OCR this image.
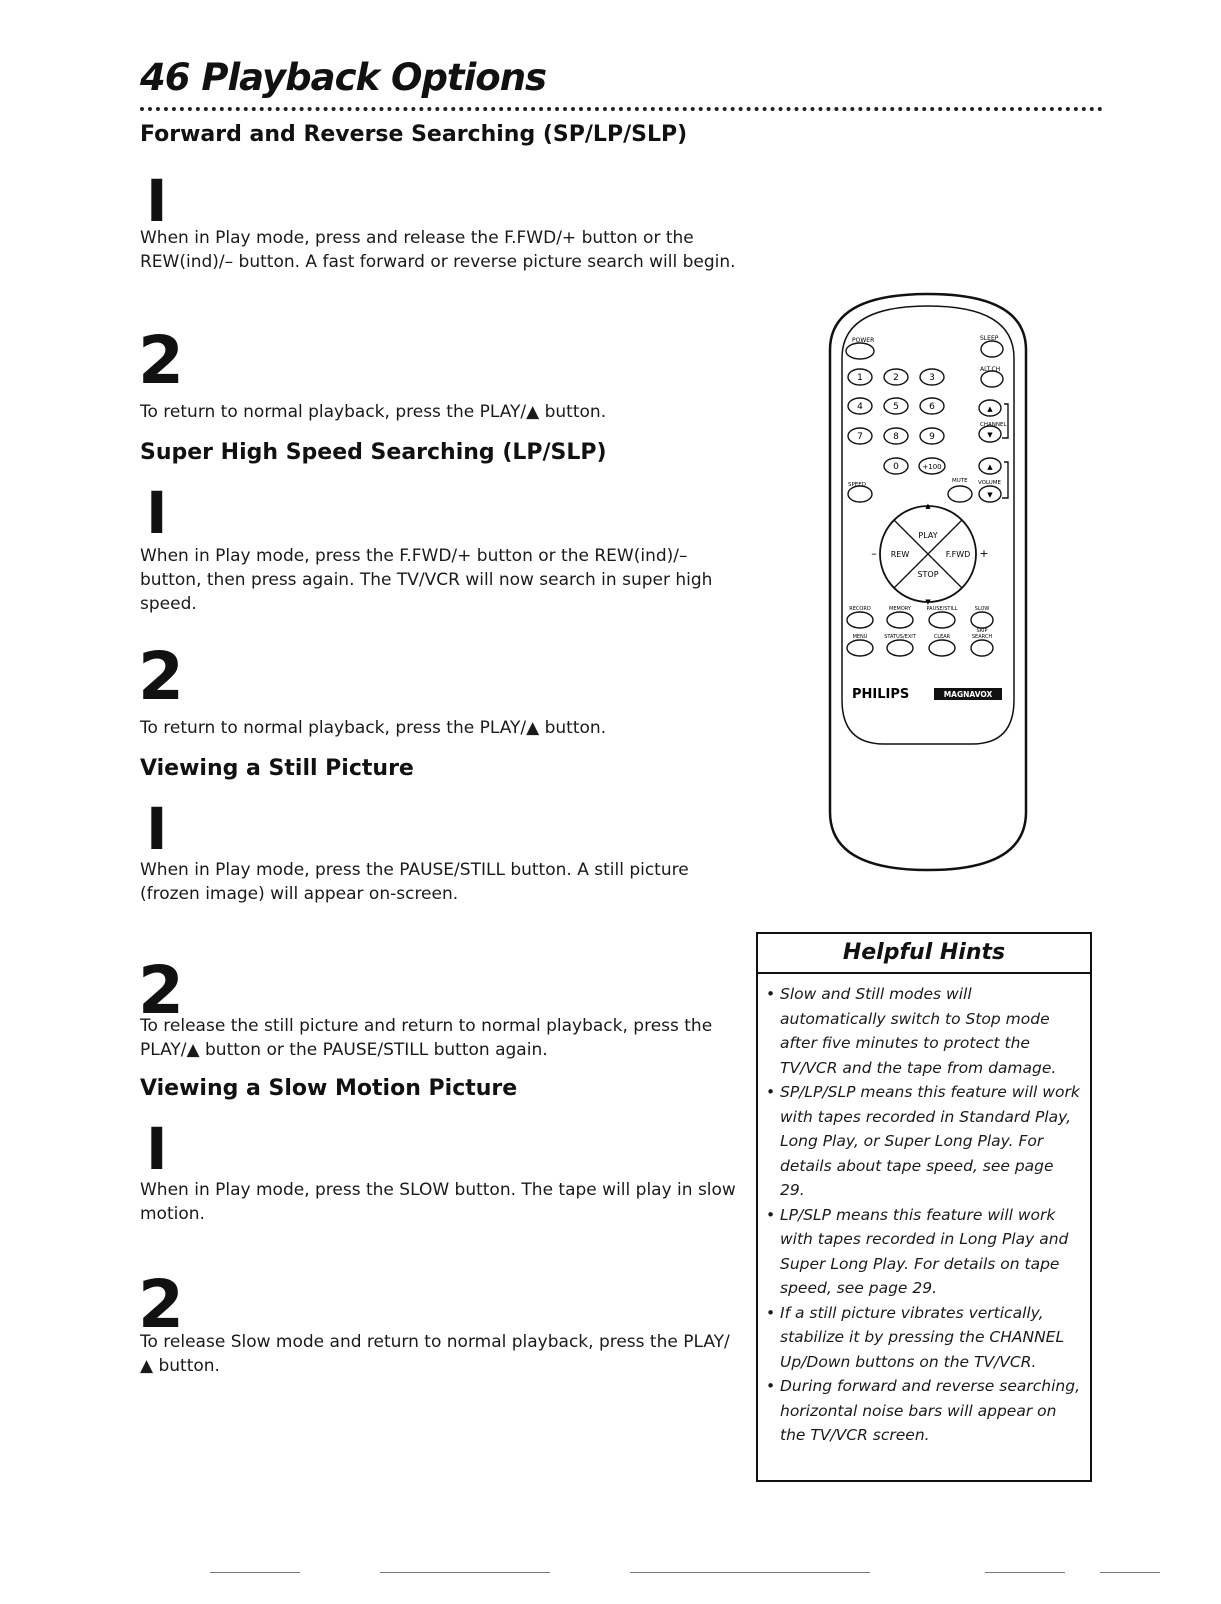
46 Playback Options
Forward and Reverse Searching (SP/LP/SLP)
I

When in Play mode, press and release the F.FWD/+ button or the REW(ind)/– button. A fast forward or reverse picture search will begin.

2

To return to normal playback, press the PLAY/▲ button.

Super High Speed Searching (LP/SLP)
I

When in Play mode, press the F.FWD/+ button or the REW(ind)/– button, then press again. The TV/VCR will now search in super high speed.

2

To return to normal playback, press the PLAY/▲ button.

Viewing a Still Picture
I

When in Play mode, press the PAUSE/STILL button. A still picture (frozen image) will appear on-screen.

2

To release the still picture and return to normal playback, press the PLAY/▲ button or the PAUSE/STILL button again.

Viewing a Slow Motion Picture
I

When in Play mode, press the SLOW button. The tape will play in slow motion.

2

To release Slow mode and return to normal playback, press the PLAY/▲ button.

POWER	SLEEP
ALT.CH
1	2	3
4	5	6
7	8	9
0	+100
▲
▼
▲
▼
CHANNEL
SPEED
MUTE VOLUME
PLAY
STOP
REW	F.FWD
▲
▼
–	+
RECORD	MEMORY	PAUSE/STILL	SLOW
SKIP
MENU	STATUS/EXIT	CLEAR	SEARCH
PHILIPS	MAGNAVOX
Helpful Hints
• Slow and Still modes will automatically switch to Stop mode after five minutes to protect the TV/VCR and the tape from damage.
• SP/LP/SLP means this feature will work with tapes recorded in Standard Play, Long Play, or Super Long Play. For details about tape speed, see page 29.
• LP/SLP means this feature will work with tapes recorded in Long Play and Super Long Play. For details on tape speed, see page 29.
• If a still picture vibrates vertically, stabilize it by pressing the CHANNEL Up/Down buttons on the TV/VCR.
• During forward and reverse searching, horizontal noise bars will appear on the TV/VCR screen.
